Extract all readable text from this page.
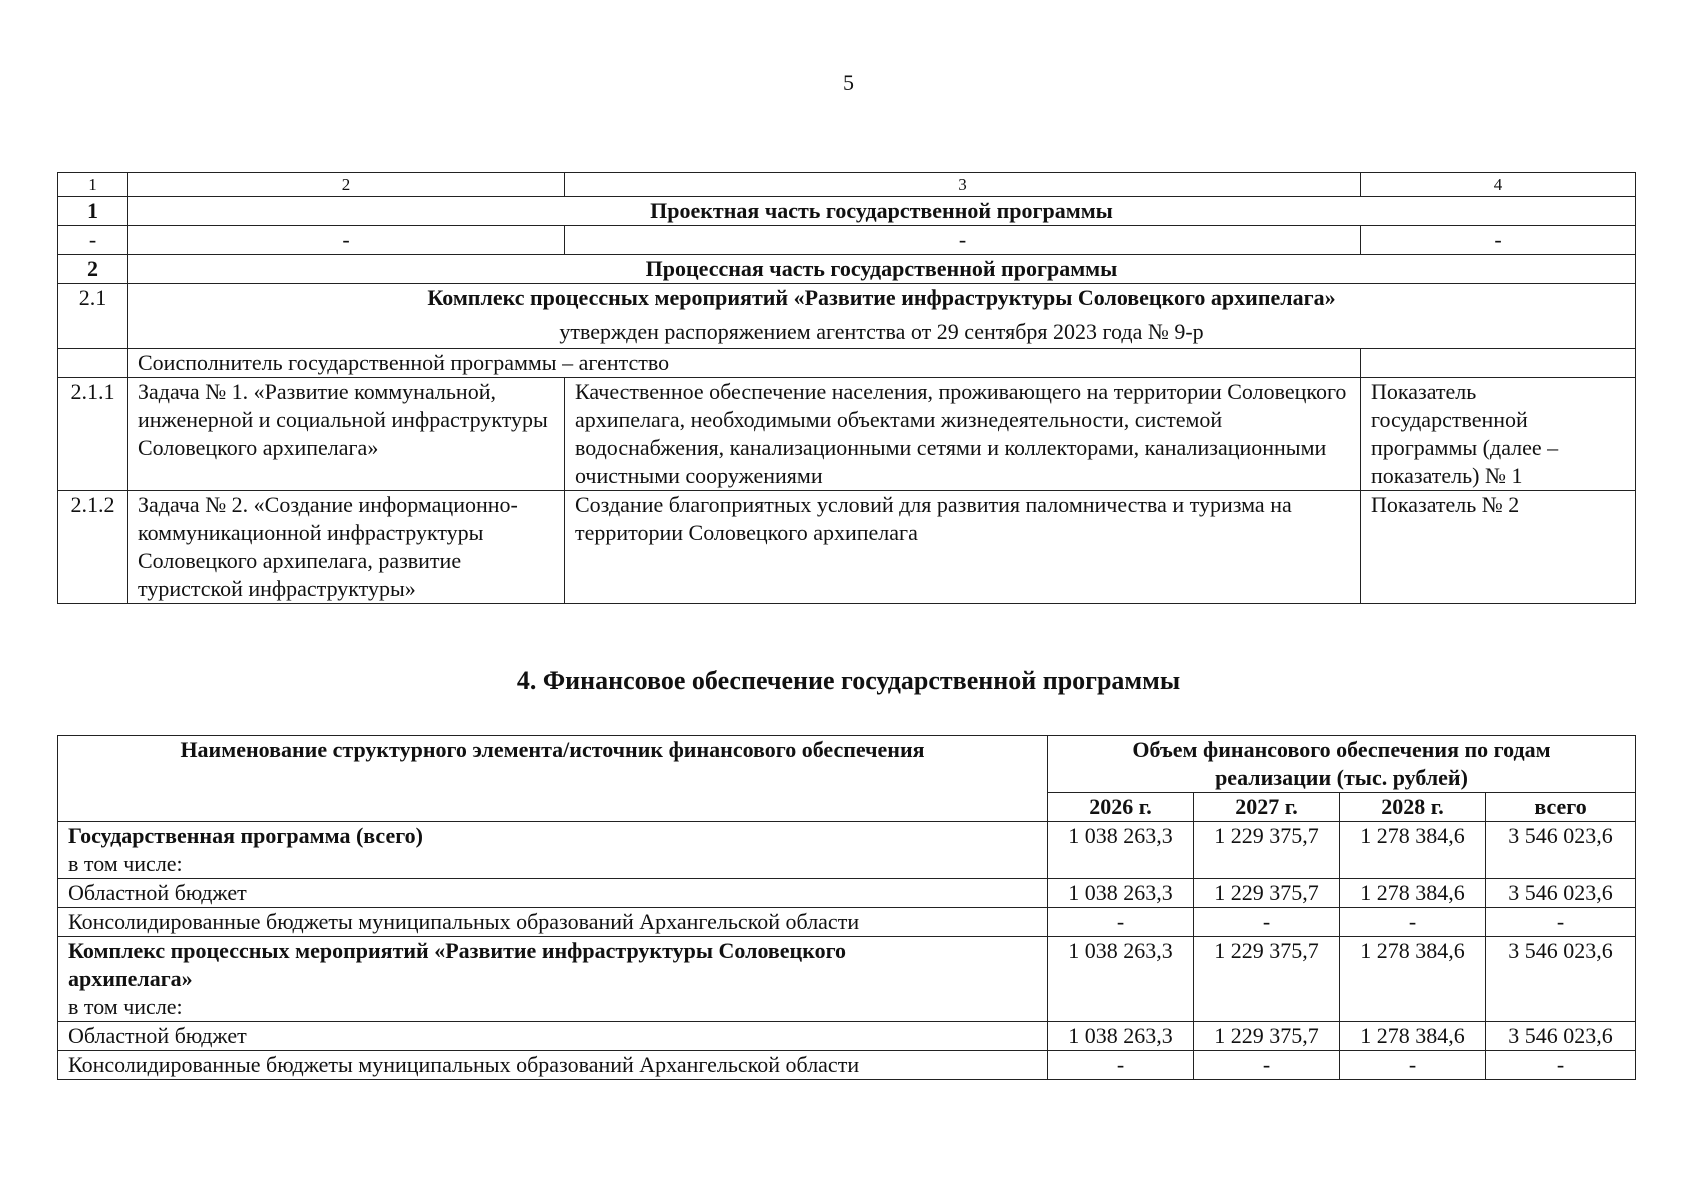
5
1	2	3	4
1	Проектная часть государственной программы		
-	-	-	-
2	Процессная часть государственной программы		
2.1	Комплекс процессных мероприятий «Развитие инфраструктуры Соловецкого архипелага»
утвержден распоряжением агентства от 29 сентября 2023 года № 9-р		

	Соисполнитель государственной программы – агентство		
2.1.1	Задача № 1. «Развитие коммунальной, инженерной и социальной инфраструктуры Соловецкого архипелага»	Качественное обеспечение населения, проживающего на территории Соловецкого архипелага, необходимыми объектами жизнедеятельности, системой водоснабжения, канализационными сетями и коллекторами, канализационными очистными сооружениями	Показатель государственной программы (далее – показатель) № 1
2.1.2	Задача № 2. «Создание информационно-коммуникационной инфраструктуры Соловецкого архипелага, развитие туристской инфраструктуры»	Создание благоприятных условий для развития паломничества и туризма на территории Соловецкого архипелага	Показатель № 2
4. Финансовое обеспечение государственной программы
Наименование структурного элемента/источник финансового обеспечения	Объем финансового обеспечения по годам реализации (тыс. рублей)			
	2026 г.	2027 г.	2028 г.	всего

Государственная программа (всего)
в том числе:	1 038 263,3	1 229 375,7	1 278 384,6	3 546 023,6
Областной бюджет	1 038 263,3	1 229 375,7	1 278 384,6	3 546 023,6
Консолидированные бюджеты муниципальных образований Архангельской области	-	-	-	-

Комплекс процессных мероприятий «Развитие инфраструктуры Соловецкого архипелага»
в том числе:	1 038 263,3	1 229 375,7	1 278 384,6	3 546 023,6
Областной бюджет	1 038 263,3	1 229 375,7	1 278 384,6	3 546 023,6
Консолидированные бюджеты муниципальных образований Архангельской области	-	-	-	-
